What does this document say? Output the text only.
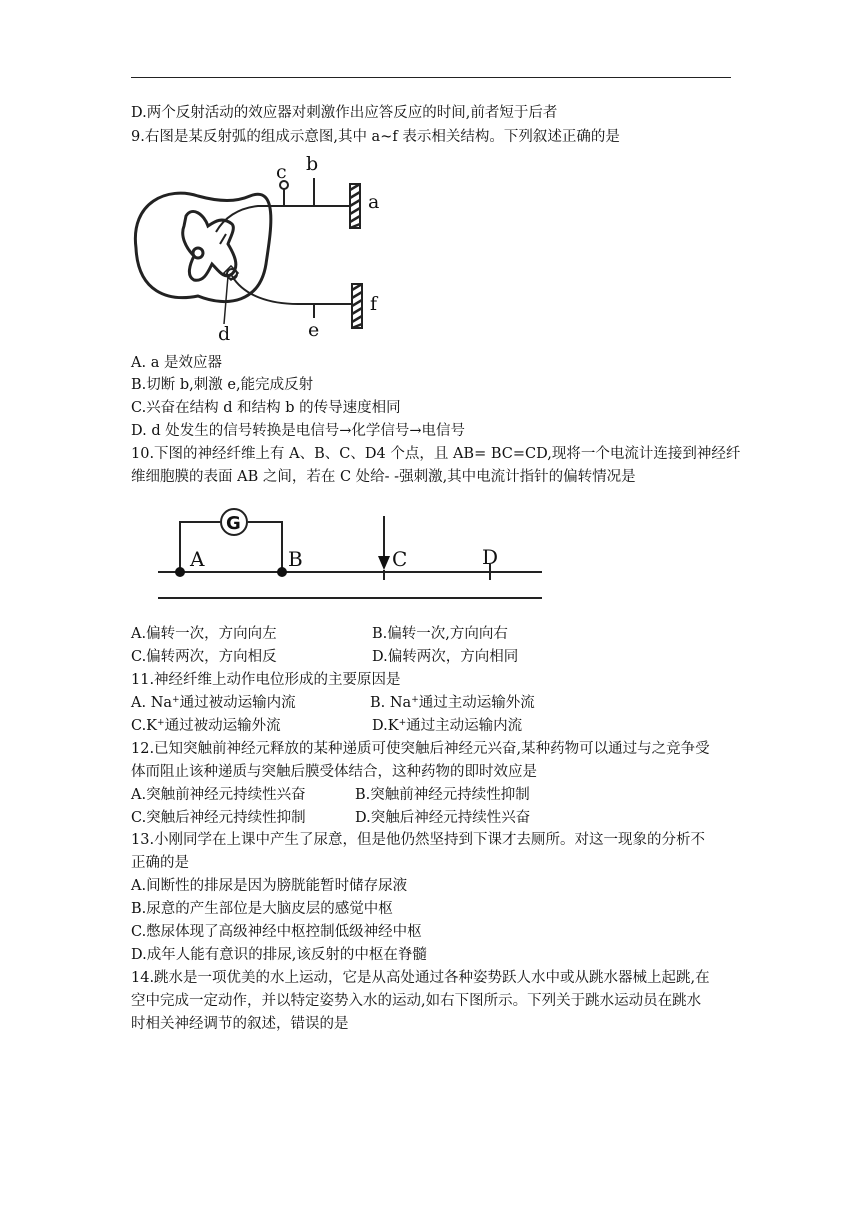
D.两个反射活动的效应器对刺激作出应答反应的时间,前者短于后者
9.右图是某反射弧的组成示意图,其中 a~f 表示相关结构。下列叙述正确的是
c b
a
f
e
d
A. a 是效应器
B.切断 b,刺激 e,能完成反射
C.兴奋在结构 d 和结构 b 的传导速度相同
D. d 处发生的信号转换是电信号→化学信号→电信号
10.下图的神经纤维上有 A、B、C、D4 个点，且 AB= BC=CD,现将一个电流计连接到神经纤
维细胞膜的表面 AB 之间，若在 C 处给- -强刺激,其中电流计指针的偏转情况是
G
A	B	C	D
A.偏转一次，方向向左	B.偏转一次,方向向右
C.偏转两次，方向相反	D.偏转两次，方向相同
11.神经纤维上动作电位形成的主要原因是
A. Na+通过被动运输内流	B. Na+通过主动运输外流
C.K+通过被动运输外流	D.K+通过主动运输内流
12.已知突触前神经元释放的某种递质可使突触后神经元兴奋,某种药物可以通过与之竞争受
体而阻止该种递质与突触后膜受体结合，这种药物的即时效应是
A.突触前神经元持续性兴奋	B.突触前神经元持续性抑制
C.突触后神经元持续性抑制	D.突触后神经元持续性兴奋
13.小刚同学在上课中产生了尿意，但是他仍然坚持到下课才去厕所。对这一现象的分析不
正确的是
A.间断性的排尿是因为膀胱能暂时储存尿液
B.尿意的产生部位是大脑皮层的感觉中枢
C.憋尿体现了高级神经中枢控制低级神经中枢
D.成年人能有意识的排尿,该反射的中枢在脊髓
14.跳水是一项优美的水上运动，它是从高处通过各种姿势跃人水中或从跳水器械上起跳,在
空中完成一定动作，并以特定姿势入水的运动,如右下图所示。下列关于跳水运动员在跳水
时相关神经调节的叙述，错误的是
